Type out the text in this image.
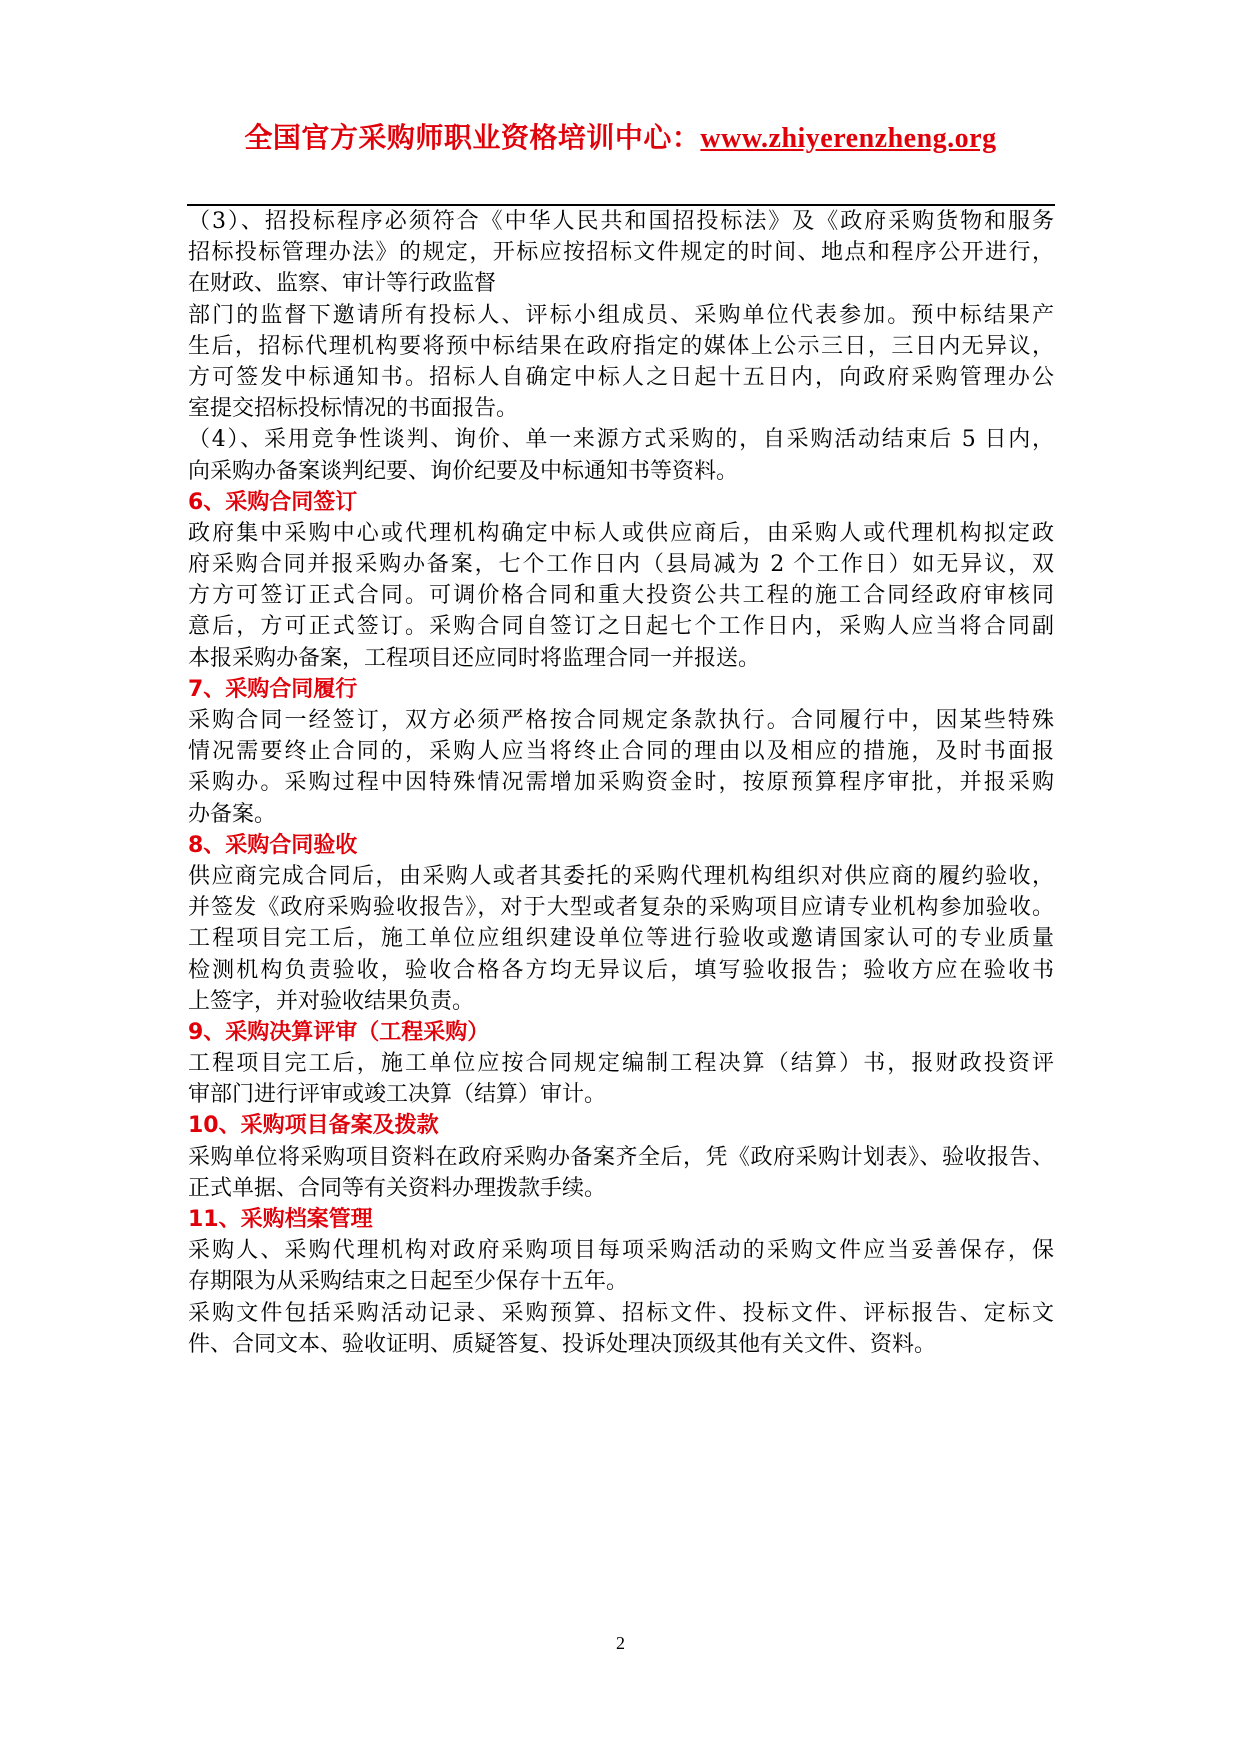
全国官方采购师职业资格培训中心：www.zhiyerenzheng.org
（3）、招投标程序必须符合《中华人民共和国招投标法》及《政府采购货物和服务
招标投标管理办法》的规定，开标应按招标文件规定的时间、地点和程序公开进行，
在财政、监察、审计等行政监督
部门的监督下邀请所有投标人、评标小组成员、采购单位代表参加。预中标结果产
生后，招标代理机构要将预中标结果在政府指定的媒体上公示三日，三日内无异议，
方可签发中标通知书。招标人自确定中标人之日起十五日内，向政府采购管理办公
室提交招标投标情况的书面报告。
（4）、采用竞争性谈判、询价、单一来源方式采购的，自采购活动结束后 5 日内，
向采购办备案谈判纪要、询价纪要及中标通知书等资料。
6、采购合同签订
政府集中采购中心或代理机构确定中标人或供应商后，由采购人或代理机构拟定政
府采购合同并报采购办备案，七个工作日内（县局减为 2 个工作日）如无异议，双
方方可签订正式合同。可调价格合同和重大投资公共工程的施工合同经政府审核同
意后，方可正式签订。采购合同自签订之日起七个工作日内，采购人应当将合同副
本报采购办备案，工程项目还应同时将监理合同一并报送。
7、采购合同履行
采购合同一经签订，双方必须严格按合同规定条款执行。合同履行中，因某些特殊
情况需要终止合同的，采购人应当将终止合同的理由以及相应的措施，及时书面报
采购办。采购过程中因特殊情况需增加采购资金时，按原预算程序审批，并报采购
办备案。
8、采购合同验收
供应商完成合同后，由采购人或者其委托的采购代理机构组织对供应商的履约验收，
并签发《政府采购验收报告》，对于大型或者复杂的采购项目应请专业机构参加验收。
工程项目完工后，施工单位应组织建设单位等进行验收或邀请国家认可的专业质量
检测机构负责验收，验收合格各方均无异议后，填写验收报告；验收方应在验收书
上签字，并对验收结果负责。
9、采购决算评审（工程采购）
工程项目完工后，施工单位应按合同规定编制工程决算（结算）书，报财政投资评
审部门进行评审或竣工决算（结算）审计。
10、采购项目备案及拨款
采购单位将采购项目资料在政府采购办备案齐全后，凭《政府采购计划表》、验收报告、
正式单据、合同等有关资料办理拨款手续。
11、采购档案管理
采购人、采购代理机构对政府采购项目每项采购活动的采购文件应当妥善保存，保
存期限为从采购结束之日起至少保存十五年。
采购文件包括采购活动记录、采购预算、招标文件、投标文件、评标报告、定标文
件、合同文本、验收证明、质疑答复、投诉处理决顶级其他有关文件、资料。
2
